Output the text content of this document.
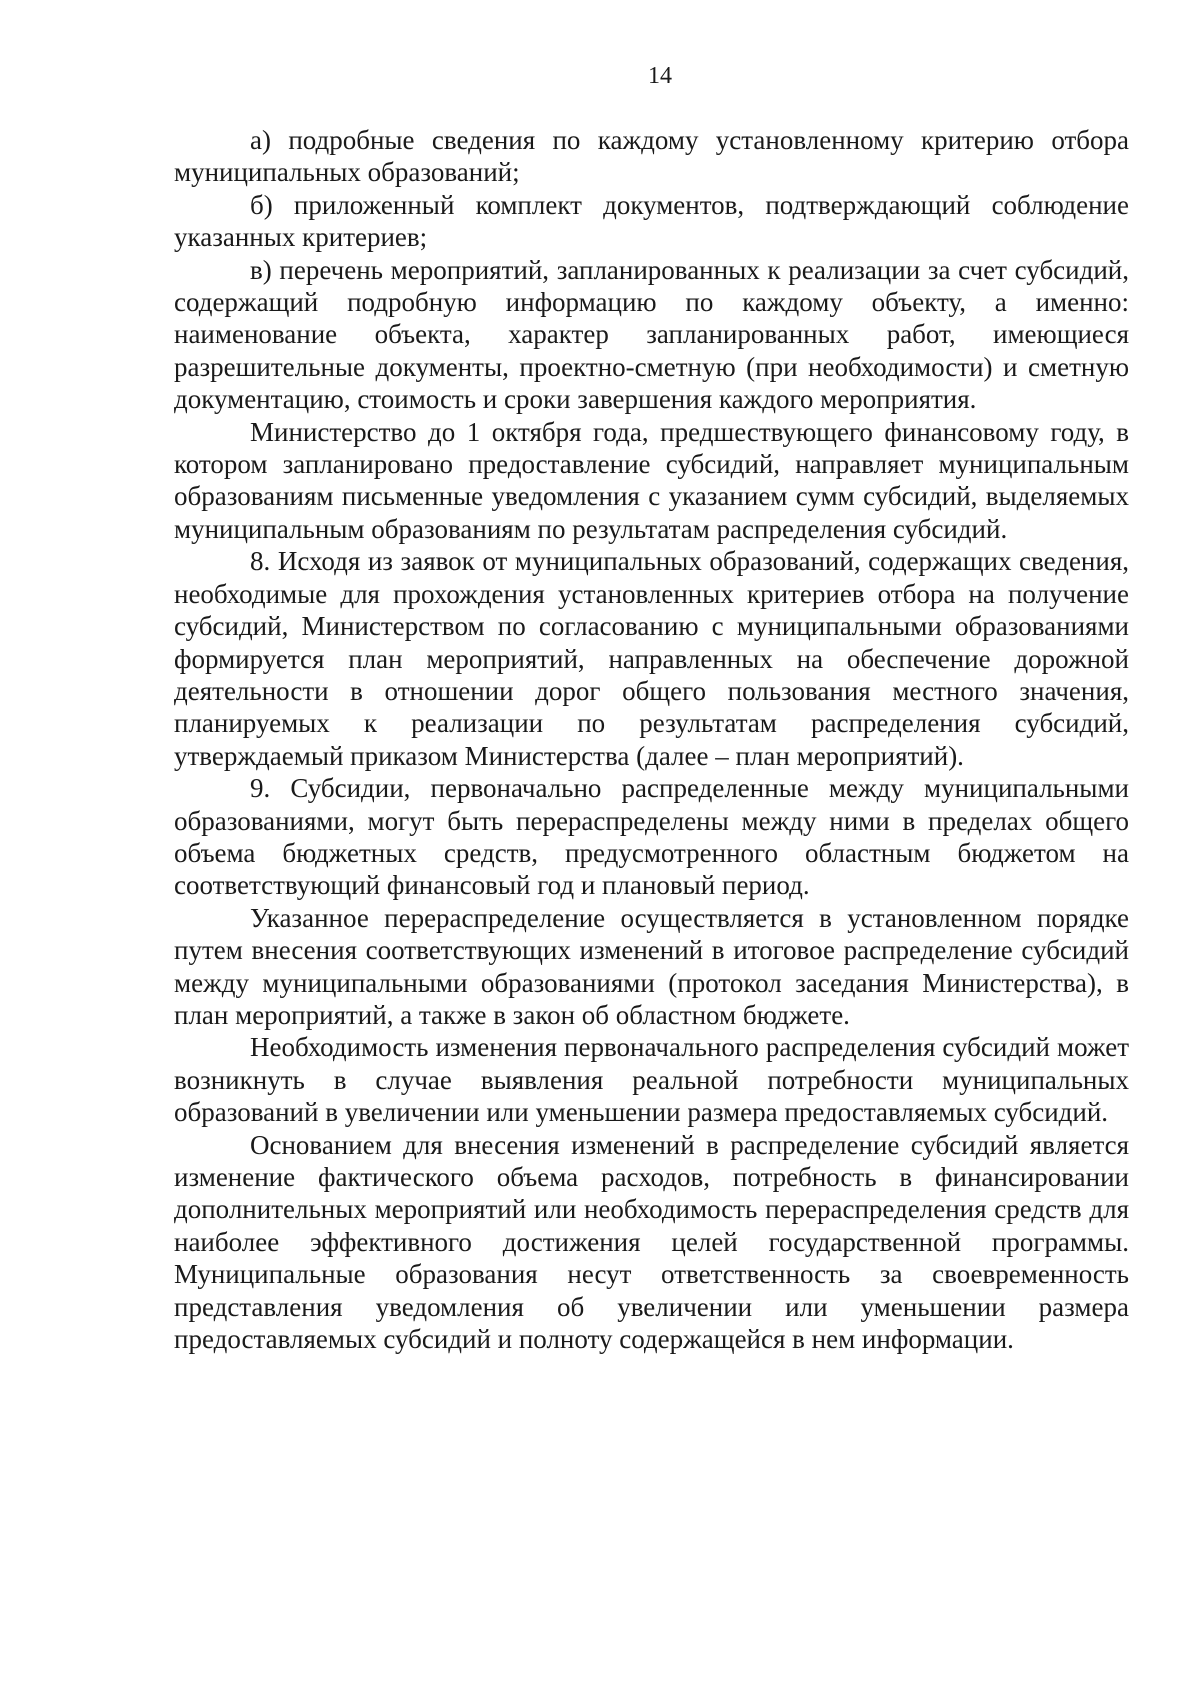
14

а) подробные сведения по каждому установленному критерию отбора муниципальных образований;

б) приложенный комплект документов, подтверждающий соблюдение указанных критериев;

в) перечень мероприятий, запланированных к реализации за счет субсидий, содержащий подробную информацию по каждому объекту, а именно: наименование объекта, характер запланированных работ, имеющиеся разрешительные документы, проектно-сметную (при необходимости) и сметную документацию, стоимость и сроки завершения каждого мероприятия.

Министерство до 1 октября года, предшествующего финансовому году, в котором запланировано предоставление субсидий, направляет муниципальным образованиям письменные уведомления с указанием сумм субсидий, выделяемых муниципальным образованиям по результатам распределения субсидий.

8. Исходя из заявок от муниципальных образований, содержащих сведения, необходимые для прохождения установленных критериев отбора на получение субсидий, Министерством по согласованию с муниципальными образованиями формируется план мероприятий, направленных на обеспечение дорожной деятельности в отношении дорог общего пользования местного значения, планируемых к реализации по результатам распределения субсидий, утверждаемый приказом Министерства (далее – план мероприятий).

9. Субсидии, первоначально распределенные между муниципальными образованиями, могут быть перераспределены между ними в пределах общего объема бюджетных средств, предусмотренного областным бюджетом на соответствующий финансовый год и плановый период.

Указанное перераспределение осуществляется в установленном порядке путем внесения соответствующих изменений в итоговое распределение субсидий между муниципальными образованиями (протокол заседания Министерства), в план мероприятий, а также в закон об областном бюджете.

Необходимость изменения первоначального распределения субсидий может возникнуть в случае выявления реальной потребности муниципальных образований в увеличении или уменьшении размера предоставляемых субсидий.

Основанием для внесения изменений в распределение субсидий является изменение фактического объема расходов, потребность в финансировании дополнительных мероприятий или необходимость перераспределения средств для наиболее эффективного достижения целей государственной программы. Муниципальные образования несут ответственность за своевременность представления уведомления об увеличении или уменьшении размера предоставляемых субсидий и полноту содержащейся в нем информации.
